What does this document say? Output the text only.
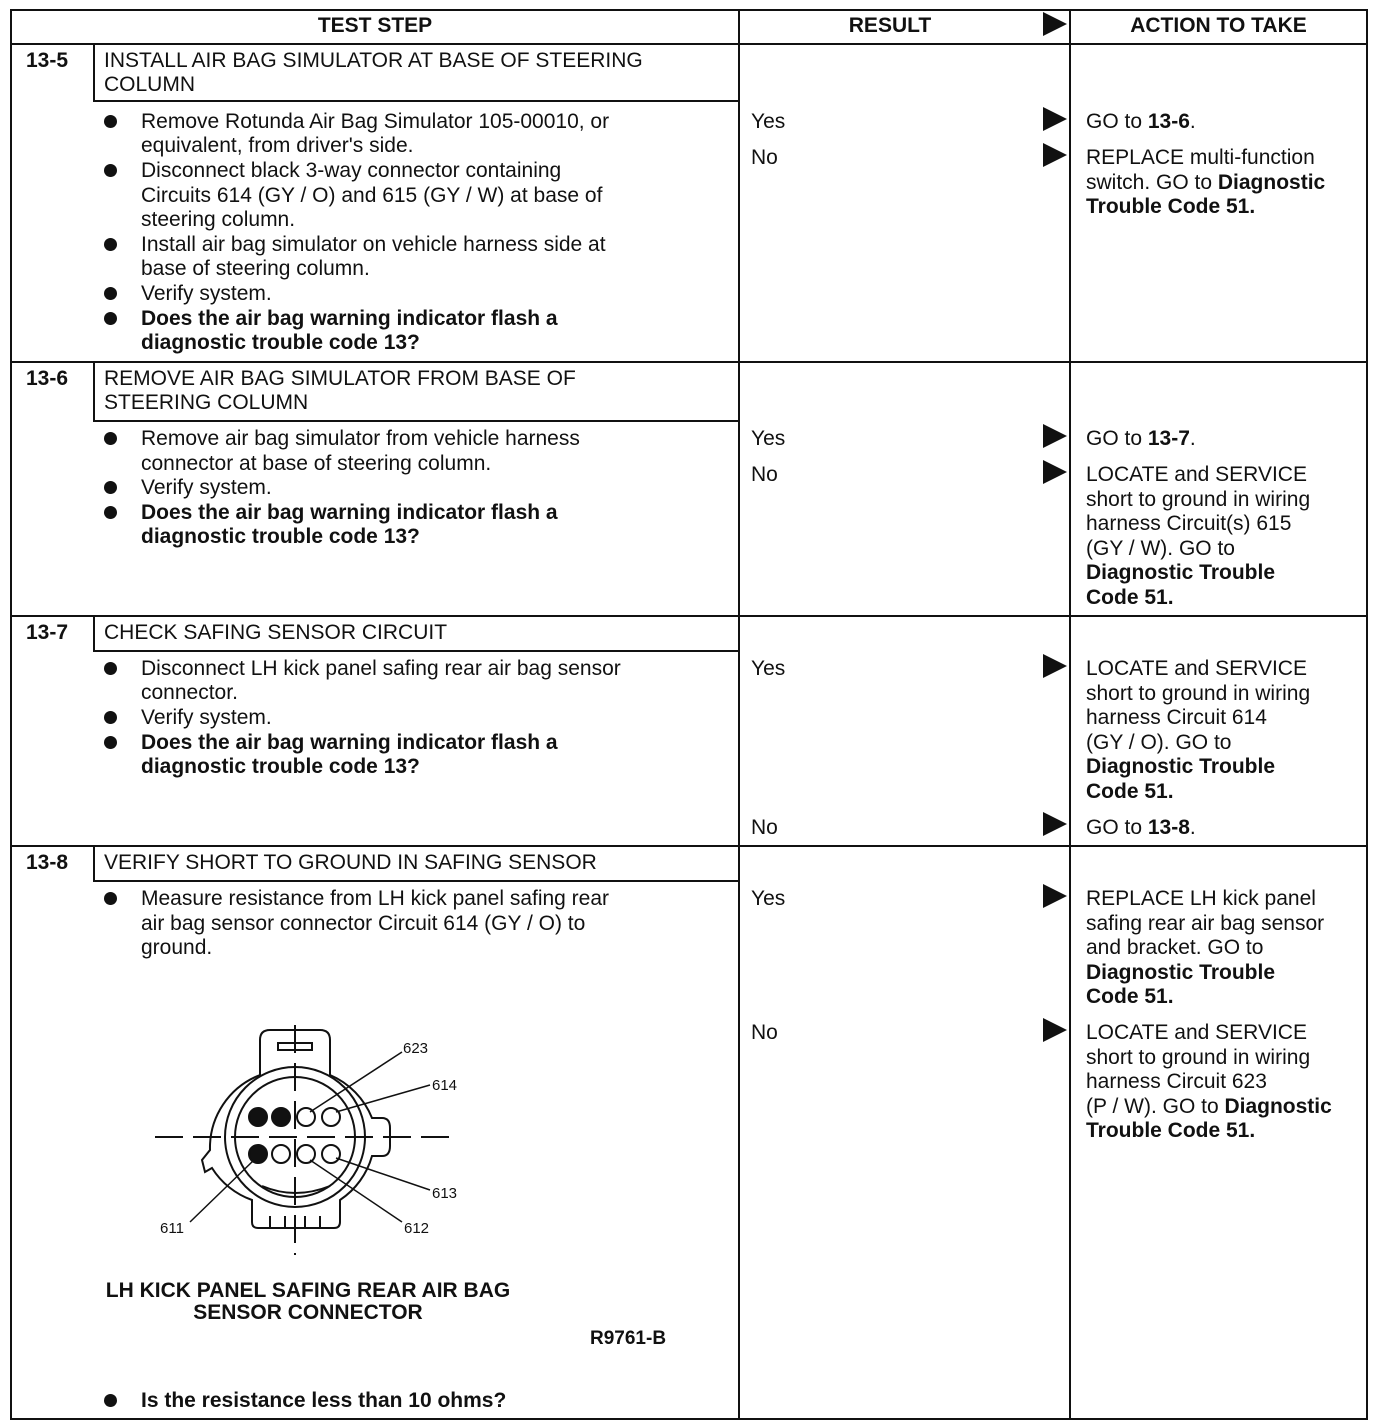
TEST STEP	RESULT	ACTION TO TAKE
13-5 INSTALL AIR BAG SIMULATOR AT BASE OF STEERING
COLUMN
Remove Rotunda Air Bag Simulator 105-00010, or
equivalent, from driver's side.
Disconnect black 3-way connector containing
Circuits 614 (GY / O) and 615 (GY / W) at base of
steering column.
Install air bag simulator on vehicle harness side at
base of steering column.
Verify system.
Does the air bag warning indicator flash a
diagnostic trouble code 13?
Yes
No
GO to 13-6.
REPLACE multi-function
switch. GO to Diagnostic
Trouble Code 51.
13-6 REMOVE AIR BAG SIMULATOR FROM BASE OF
STEERING COLUMN
Remove air bag simulator from vehicle harness
connector at base of steering column.
Verify system.
Does the air bag warning indicator flash a
diagnostic trouble code 13?
Yes
No
GO to 13-7.
LOCATE and SERVICE
short to ground in wiring
harness Circuit(s) 615
(GY / W). GO to
Diagnostic Trouble
Code 51.
13-7 CHECK SAFING SENSOR CIRCUIT
Disconnect LH kick panel safing rear air bag sensor
connector.
Verify system.
Does the air bag warning indicator flash a
diagnostic trouble code 13?
Yes
No
LOCATE and SERVICE
short to ground in wiring
harness Circuit 614
(GY / O). GO to
Diagnostic Trouble
Code 51.
GO to 13-8.
13-8 VERIFY SHORT TO GROUND IN SAFING SENSOR
Measure resistance from LH kick panel safing rear
air bag sensor connector Circuit 614 (GY / O) to
ground.
623
614
613
612
611
LH KICK PANEL SAFING REAR AIR BAG
SENSOR CONNECTOR
R9761-B
Is the resistance less than 10 ohms?
Yes
No
REPLACE LH kick panel
safing rear air bag sensor
and bracket. GO to
Diagnostic Trouble
Code 51.
LOCATE and SERVICE
short to ground in wiring
harness Circuit 623
(P / W). GO to Diagnostic
Trouble Code 51.
